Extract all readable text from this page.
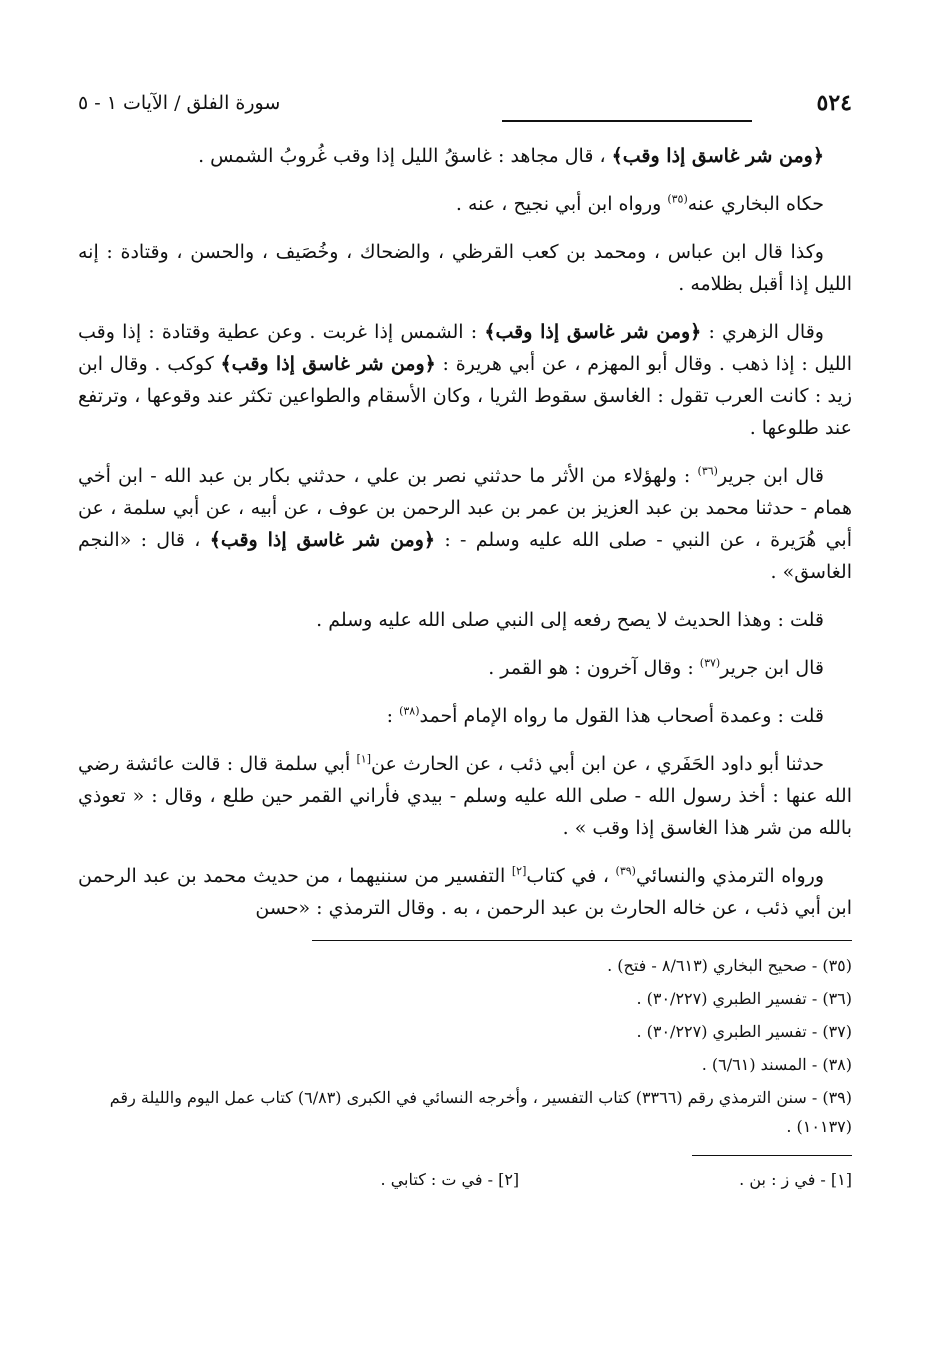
٥٢٤
سورة الفلق / الآيات ١ - ٥

﴿ومن شر غاسق إذا وقب﴾ ، قال مجاهد : غاسقُ الليل إذا وقب غُروبُ الشمس .

حكاه البخاري عنه$^{(٣٥)}$ ورواه ابن أبي نجيح ، عنه .

وكذا قال ابن عباس ، ومحمد بن كعب القرظي ، والضحاك ، وخُصَيف ، والحسن ، وقتادة : إنه الليل إذا أقبل بظلامه .

وقال الزهري : ﴿ومن شر غاسق إذا وقب﴾ : الشمس إذا غربت . وعن عطية وقتادة : إذا وقب الليل : إذا ذهب . وقال أبو المهزم ، عن أبي هريرة : ﴿ومن شر غاسق إذا وقب﴾ كوكب . وقال ابن زيد : كانت العرب تقول : الغاسق سقوط الثريا ، وكان الأسقام والطواعين تكثر عند وقوعها ، وترتفع عند طلوعها .

قال ابن جرير$^{(٣٦)}$ : ولهؤلاء من الأثر ما حدثني نصر بن علي ، حدثني بكار بن عبد الله - ابن أخي همام - حدثنا محمد بن عبد العزيز بن عمر بن عبد الرحمن بن عوف ، عن أبيه ، عن أبي سلمة ، عن أبي هُرَيرة ، عن النبي - صلى الله عليه وسلم - : ﴿ومن شر غاسق إذا وقب﴾ ، قال : «النجم الغاسق» .

قلت : وهذا الحديث لا يصح رفعه إلى النبي صلى الله عليه وسلم .

قال ابن جرير$^{(٣٧)}$ : وقال آخرون : هو القمر .

قلت : وعمدة أصحاب هذا القول ما رواه الإمام أحمد$^{(٣٨)}$ :

حدثنا أبو داود الحَفَري ، عن ابن أبي ذئب ، عن الحارث عن[١] أبي سلمة قال : قالت عائشة رضي الله عنها : أخذ رسول الله - صلى الله عليه وسلم - بيدي فأراني القمر حين طلع ، وقال : « تعوذي بالله من شر هذا الغاسق إذا وقب » .

ورواه الترمذي والنسائي$^{(٣٩)}$ ، في كتاب[٢] التفسير من سننيهما ، من حديث محمد بن عبد الرحمن ابن أبي ذئب ، عن خاله الحارث بن عبد الرحمن ، به . وقال الترمذي : «حسن

(٣٥) - صحيح البخاري (٨/٦١٣ - فتح) .
(٣٦) - تفسير الطبري (٣٠/٢٢٧) .
(٣٧) - تفسير الطبري (٣٠/٢٢٧) .
(٣٨) - المسند (٦/٦١) .
(٣٩) - سنن الترمذي رقم (٣٣٦٦) كتاب التفسير ، وأخرجه النسائي في الكبرى (٦/٨٣) كتاب عمل اليوم والليلة رقم (١٠١٣٧) .
[١] - في ز : بن .
[٢] - في ت : كتابي .
